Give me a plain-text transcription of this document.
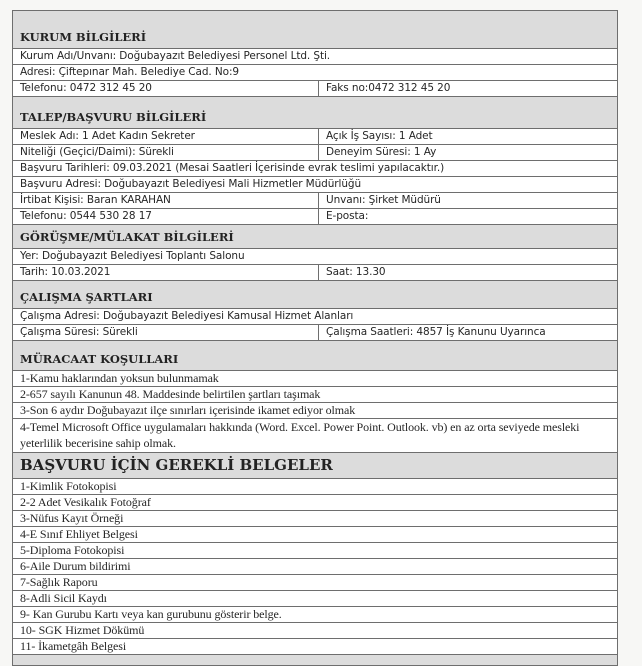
KURUM BİLGİLERİ
Kurum Adı/Unvanı: Doğubayazıt Belediyesi Personel Ltd. Şti.
Adresi: Çiftepınar Mah. Belediye Cad. No:9
Telefonu: 0472 312 45 20	Faks no:0472 312 45 20
TALEP/BAŞVURU BİLGİLERİ
Meslek Adı: 1 Adet Kadın Sekreter	Açık İş Sayısı: 1 Adet
Niteliği (Geçici/Daimi): Sürekli	Deneyim Süresi: 1 Ay
Başvuru Tarihleri: 09.03.2021 (Mesai Saatleri İçerisinde evrak teslimi yapılacaktır.)
Başvuru Adresi: Doğubayazıt Belediyesi Mali Hizmetler Müdürlüğü
İrtibat Kişisi: Baran KARAHAN	Unvanı: Şirket Müdürü
Telefonu: 0544 530 28 17	E-posta:
GÖRÜŞME/MÜLAKAT BİLGİLERİ
Yer: Doğubayazıt Belediyesi Toplantı Salonu
Tarih: 10.03.2021	Saat: 13.30
ÇALIŞMA ŞARTLARI
Çalışma Adresi: Doğubayazıt Belediyesi Kamusal Hizmet Alanları
Çalışma Süresi: Sürekli	Çalışma Saatleri: 4857 İş Kanunu Uyarınca
MÜRACAAT KOŞULLARI
1-Kamu haklarından yoksun bulunmamak
2-657 sayılı Kanunun 48. Maddesinde belirtilen şartları taşımak
3-Son 6 aydır Doğubayazıt ilçe sınırları içerisinde ikamet ediyor olmak
4-Temel Microsoft Office uygulamaları hakkında (Word. Excel. Power Point. Outlook. vb) en az orta seviyede mesleki yeterlilik becerisine sahip olmak.
BAŞVURU İÇİN GEREKLİ BELGELER
1-Kimlik Fotokopisi
2-2 Adet Vesikalık Fotoğraf
3-Nüfus Kayıt Örneği
4-E Sınıf Ehliyet Belgesi
5-Diploma Fotokopisi
6-Aile Durum bildirimi
7-Sağlık Raporu
8-Adli Sicil Kaydı
9- Kan Gurubu Kartı veya kan gurubunu gösterir belge.
10- SGK Hizmet Dökümü
11- İkametgâh Belgesi
